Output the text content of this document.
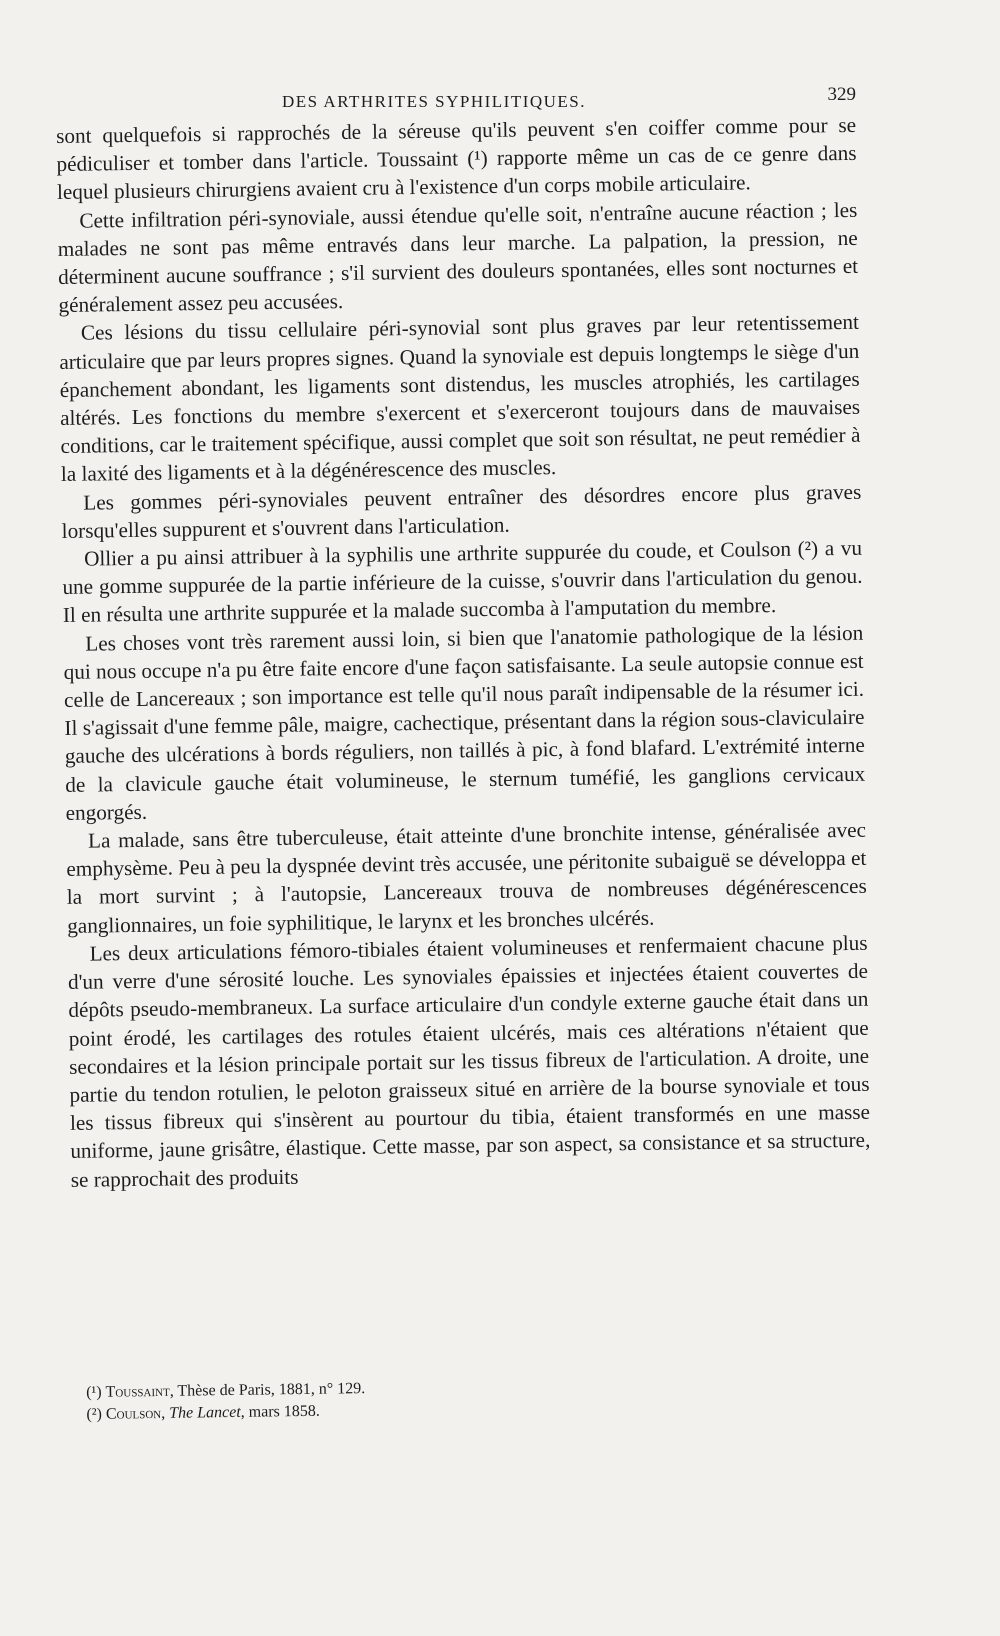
DES ARTHRITES SYPHILITIQUES.	329

sont quelquefois si rapprochés de la séreuse qu'ils peuvent s'en coiffer comme pour se pédiculiser et tomber dans l'article. Toussaint (¹) rapporte même un cas de ce genre dans lequel plusieurs chirurgiens avaient cru à l'existence d'un corps mobile articulaire.

Cette infiltration péri-synoviale, aussi étendue qu'elle soit, n'entraîne aucune réaction ; les malades ne sont pas même entravés dans leur marche. La palpation, la pression, ne déterminent aucune souffrance ; s'il survient des douleurs spontanées, elles sont nocturnes et généralement assez peu accusées.

Ces lésions du tissu cellulaire péri-synovial sont plus graves par leur retentissement articulaire que par leurs propres signes. Quand la synoviale est depuis longtemps le siège d'un épanchement abondant, les ligaments sont distendus, les muscles atrophiés, les cartilages altérés. Les fonctions du membre s'exercent et s'exerceront toujours dans de mauvaises conditions, car le traitement spécifique, aussi complet que soit son résultat, ne peut remédier à la laxité des ligaments et à la dégénérescence des muscles.

Les gommes péri-synoviales peuvent entraîner des désordres encore plus graves lorsqu'elles suppurent et s'ouvrent dans l'articulation.

Ollier a pu ainsi attribuer à la syphilis une arthrite suppurée du coude, et Coulson (²) a vu une gomme suppurée de la partie inférieure de la cuisse, s'ouvrir dans l'articulation du genou. Il en résulta une arthrite suppurée et la malade succomba à l'amputation du membre.

Les choses vont très rarement aussi loin, si bien que l'anatomie pathologique de la lésion qui nous occupe n'a pu être faite encore d'une façon satisfaisante. La seule autopsie connue est celle de Lancereaux ; son importance est telle qu'il nous paraît indipensable de la résumer ici. Il s'agissait d'une femme pâle, maigre, cachectique, présentant dans la région sous-claviculaire gauche des ulcérations à bords réguliers, non taillés à pic, à fond blafard. L'extrémité interne de la clavicule gauche était volumineuse, le sternum tuméfié, les ganglions cervicaux engorgés.

La malade, sans être tuberculeuse, était atteinte d'une bronchite intense, généralisée avec emphysème. Peu à peu la dyspnée devint très accusée, une péritonite subaiguë se développa et la mort survint ; à l'autopsie, Lancereaux trouva de nombreuses dégénérescences ganglionnaires, un foie syphilitique, le larynx et les bronches ulcérés.

Les deux articulations fémoro-tibiales étaient volumineuses et renfermaient chacune plus d'un verre d'une sérosité louche. Les synoviales épaissies et injectées étaient couvertes de dépôts pseudo-membraneux. La surface articulaire d'un condyle externe gauche était dans un point érodé, les cartilages des rotules étaient ulcérés, mais ces altérations n'étaient que secondaires et la lésion principale portait sur les tissus fibreux de l'articulation. A droite, une partie du tendon rotulien, le peloton graisseux situé en arrière de la bourse synoviale et tous les tissus fibreux qui s'insèrent au pourtour du tibia, étaient transformés en une masse uniforme, jaune grisâtre, élastique. Cette masse, par son aspect, sa consistance et sa structure, se rapprochait des produits

(¹) Toussaint, Thèse de Paris, 1881, n° 129.

(²) Coulson, The Lancet, mars 1858.
